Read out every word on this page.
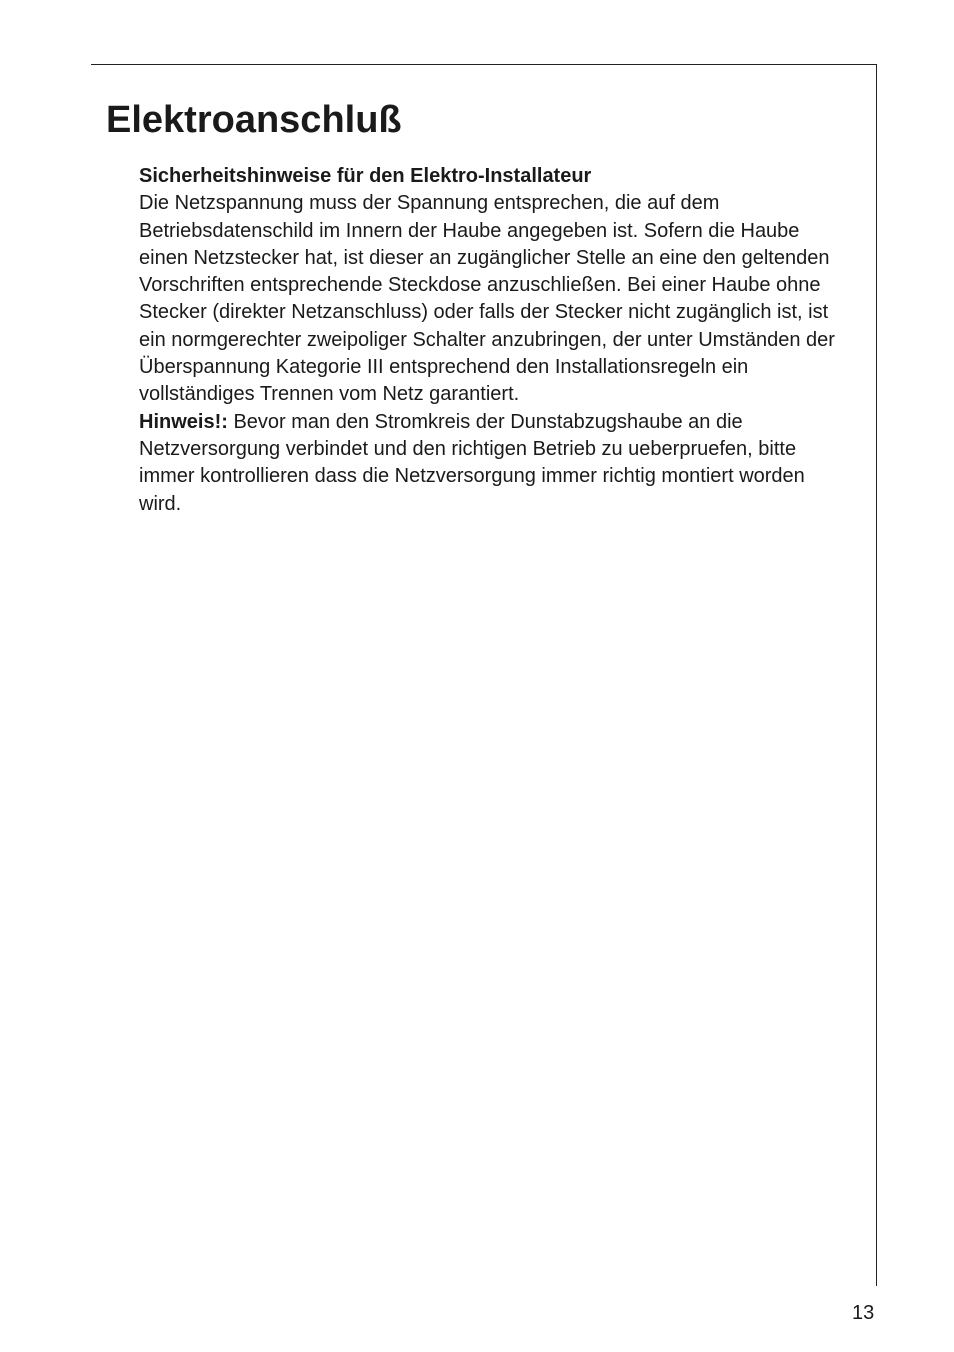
Elektroanschluß

Sicherheitshinweise für den Elektro-Installateur

Die Netzspannung muss der Spannung entsprechen, die auf dem Betriebsdatenschild im Innern der Haube angegeben ist. Sofern die Haube einen Netzstecker hat, ist dieser an zugänglicher Stelle an eine den geltenden Vorschriften entsprechende Steckdose anzuschließen. Bei einer Haube ohne Stecker (direkter Netzanschluss) oder falls der Stecker nicht zugänglich ist, ist ein normgerechter zweipoliger Schalter anzubringen, der unter Umständen der Überspannung Kategorie III entsprechend den Installationsregeln ein vollständiges Trennen vom Netz garantiert.

Hinweis!: Bevor man den Stromkreis der Dunstabzugshaube an die Netzversorgung verbindet und den richtigen Betrieb zu ueberpruefen, bitte immer kontrollieren dass die Netzversorgung immer richtig montiert worden wird.

13
